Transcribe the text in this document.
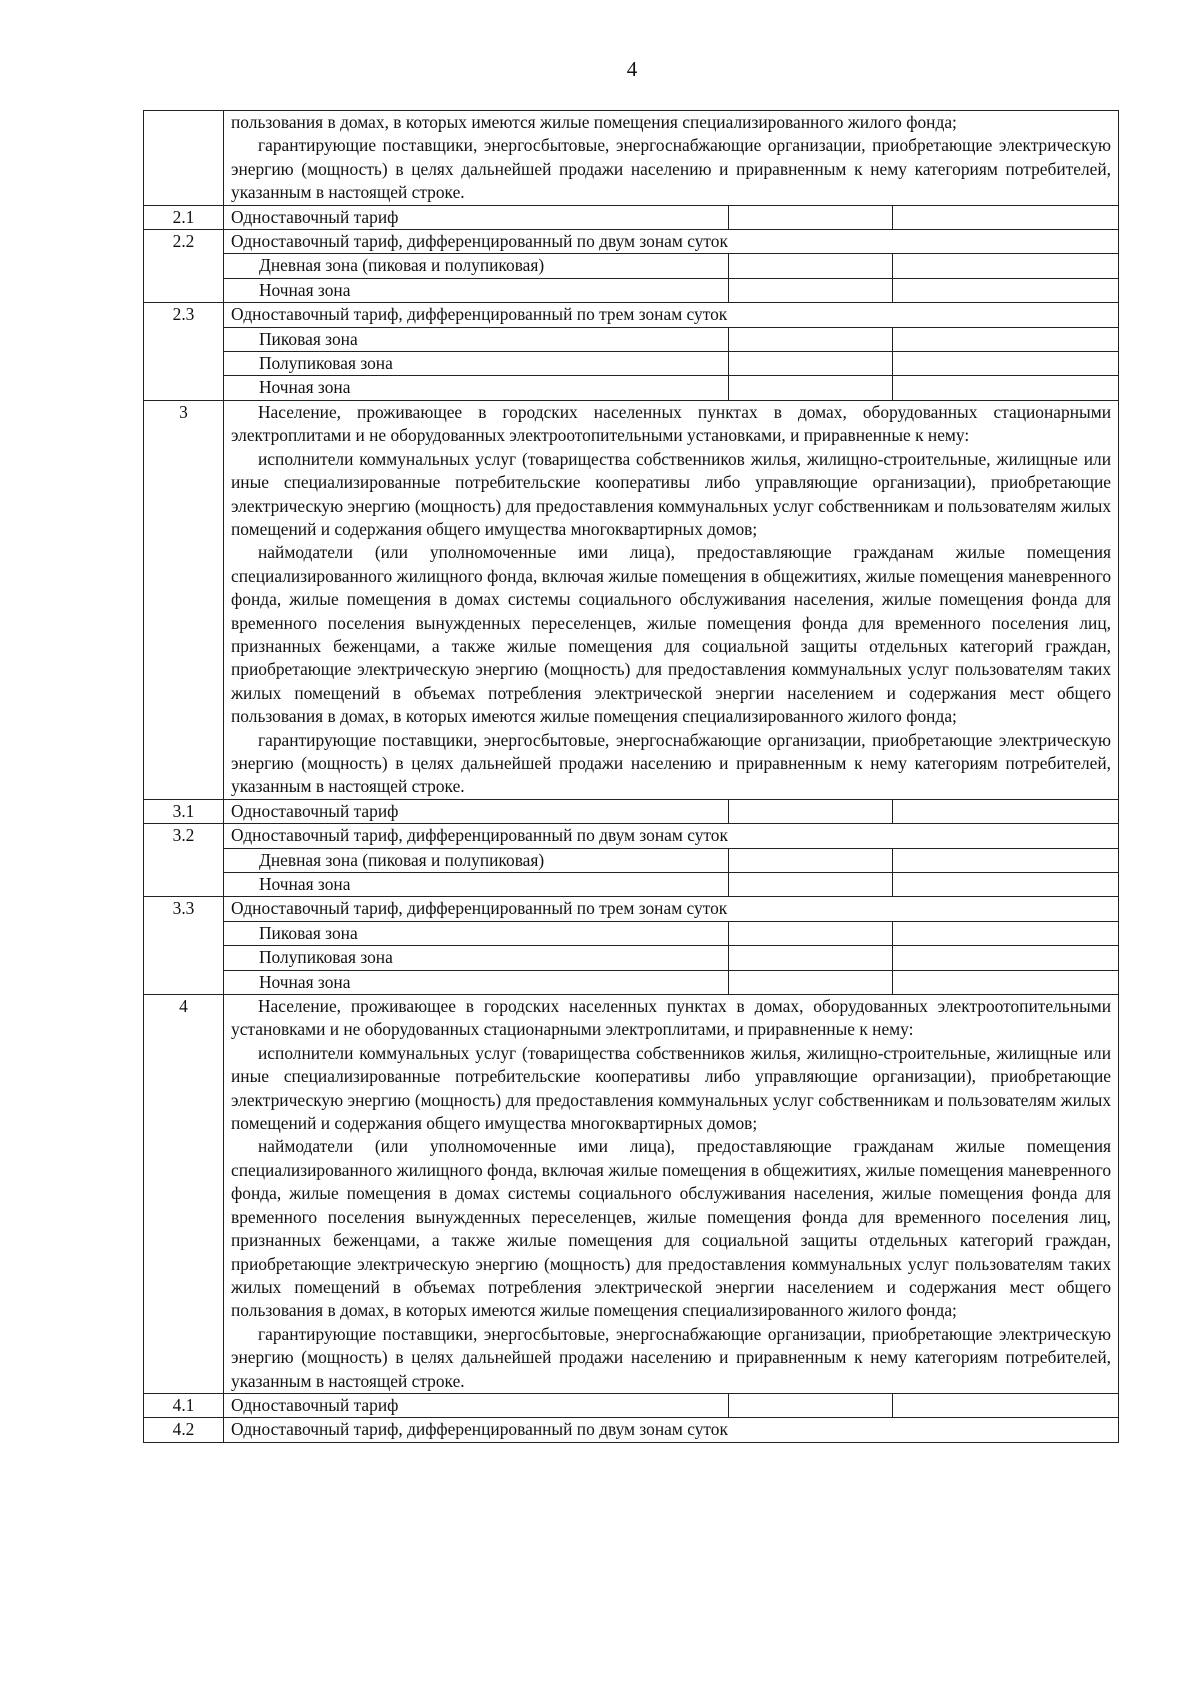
4

	пользования в домах, в которых имеются жилые помещения специализированного жилого фонда;

гарантирующие поставщики, энергосбытовые, энергоснабжающие организации, приобретающие электрическую энергию (мощность) в целях дальнейшей продажи населению и приравненным к нему категориям потребителей, указанным в настоящей строке.		

2.1	Одноставочный тариф		
2.2	Одноставочный тариф, дифференцированный по двум зонам суток		
	Дневная зона (пиковая и полупиковая)		
	Ночная зона		
2.3	Одноставочный тариф, дифференцированный по трем зонам суток		
	Пиковая зона		
	Полупиковая зона		
	Ночная зона		
3	Население, проживающее в городских населенных пунктах в домах, оборудованных стационарными электроплитами и не оборудованных электроотопительными установками, и приравненные к нему:

исполнители коммунальных услуг (товарищества собственников жилья, жилищно-строительные, жилищные или иные специализированные потребительские кооперативы либо управляющие организации), приобретающие электрическую энергию (мощность) для предоставления коммунальных услуг собственникам и пользователям жилых помещений и содержания общего имущества многоквартирных домов;

наймодатели (или уполномоченные ими лица), предоставляющие гражданам жилые помещения специализированного жилищного фонда, включая жилые помещения в общежитиях, жилые помещения маневренного фонда, жилые помещения в домах системы социального обслуживания населения, жилые помещения фонда для временного поселения вынужденных переселенцев, жилые помещения фонда для временного поселения лиц, признанных беженцами, а также жилые помещения для социальной защиты отдельных категорий граждан, приобретающие электрическую энергию (мощность) для предоставления коммунальных услуг пользователям таких жилых помещений в объемах потребления электрической энергии населением и содержания мест общего пользования в домах, в которых имеются жилые помещения специализированного жилого фонда;

гарантирующие поставщики, энергосбытовые, энергоснабжающие организации, приобретающие электрическую энергию (мощность) в целях дальнейшей продажи населению и приравненным к нему категориям потребителей, указанным в настоящей строке.		

3.1	Одноставочный тариф		
3.2	Одноставочный тариф, дифференцированный по двум зонам суток		
	Дневная зона (пиковая и полупиковая)		
	Ночная зона		
3.3	Одноставочный тариф, дифференцированный по трем зонам суток		
	Пиковая зона		
	Полупиковая зона		
	Ночная зона		
4	Население, проживающее в городских населенных пунктах в домах, оборудованных электроотопительными установками и не оборудованных стационарными электроплитами, и приравненные к нему:

исполнители коммунальных услуг (товарищества собственников жилья, жилищно-строительные, жилищные или иные специализированные потребительские кооперативы либо управляющие организации), приобретающие электрическую энергию (мощность) для предоставления коммунальных услуг собственникам и пользователям жилых помещений и содержания общего имущества многоквартирных домов;

наймодатели (или уполномоченные ими лица), предоставляющие гражданам жилые помещения специализированного жилищного фонда, включая жилые помещения в общежитиях, жилые помещения маневренного фонда, жилые помещения в домах системы социального обслуживания населения, жилые помещения фонда для временного поселения вынужденных переселенцев, жилые помещения фонда для временного поселения лиц, признанных беженцами, а также жилые помещения для социальной защиты отдельных категорий граждан, приобретающие электрическую энергию (мощность) для предоставления коммунальных услуг пользователям таких жилых помещений в объемах потребления электрической энергии населением и содержания мест общего пользования в домах, в которых имеются жилые помещения специализированного жилого фонда;

гарантирующие поставщики, энергосбытовые, энергоснабжающие организации, приобретающие электрическую энергию (мощность) в целях дальнейшей продажи населению и приравненным к нему категориям потребителей, указанным в настоящей строке.		

4.1	Одноставочный тариф		
4.2	Одноставочный тариф, дифференцированный по двум зонам суток		
